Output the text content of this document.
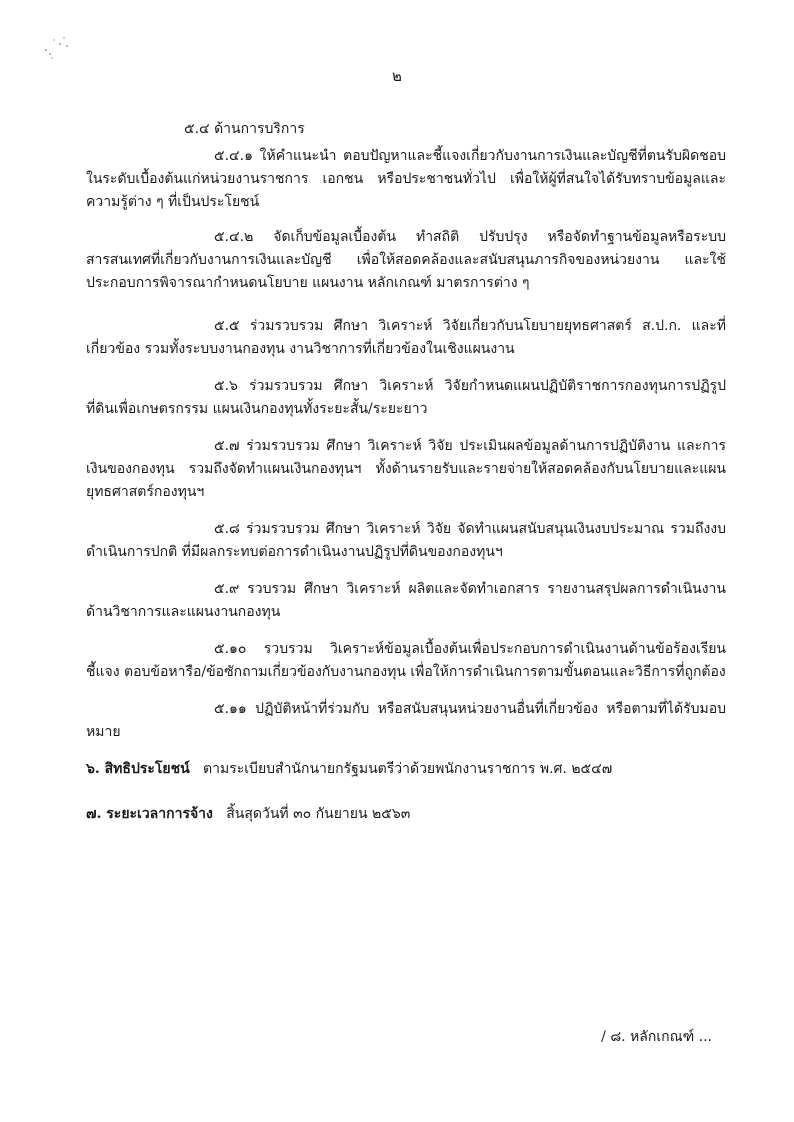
๒

๕.๔ ด้านการบริการ

๕.๔.๑ ให้คำแนะนำ ตอบปัญหาและชี้แจงเกี่ยวกับงานการเงินและบัญชีที่ตนรับผิดชอบในระดับเบื้องต้นแก่หน่วยงานราชการ เอกชน หรือประชาชนทั่วไป เพื่อให้ผู้ที่สนใจได้รับทราบข้อมูลและความรู้ต่าง ๆ ที่เป็นประโยชน์

๕.๔.๒ จัดเก็บข้อมูลเบื้องต้น ทำสถิติ ปรับปรุง หรือจัดทำฐานข้อมูลหรือระบบสารสนเทศที่เกี่ยวกับงานการเงินและบัญชี เพื่อให้สอดคล้องและสนับสนุนภารกิจของหน่วยงาน และใช้ประกอบการพิจารณากำหนดนโยบาย แผนงาน หลักเกณฑ์ มาตรการต่าง ๆ

๕.๕ ร่วมรวบรวม ศึกษา วิเคราะห์ วิจัยเกี่ยวกับนโยบายยุทธศาสตร์ ส.ป.ก. และที่เกี่ยวข้อง รวมทั้งระบบงานกองทุน งานวิชาการที่เกี่ยวข้องในเชิงแผนงาน

๕.๖ ร่วมรวบรวม ศึกษา วิเคราะห์ วิจัยกำหนดแผนปฏิบัติราชการกองทุนการปฏิรูปที่ดินเพื่อเกษตรกรรม แผนเงินกองทุนทั้งระยะสั้น/ระยะยาว

๕.๗ ร่วมรวบรวม ศึกษา วิเคราะห์ วิจัย ประเมินผลข้อมูลด้านการปฏิบัติงาน และการเงินของกองทุน รวมถึงจัดทำแผนเงินกองทุนฯ ทั้งด้านรายรับและรายจ่ายให้สอดคล้องกับนโยบายและแผนยุทธศาสตร์กองทุนฯ

๕.๘ ร่วมรวบรวม ศึกษา วิเคราะห์ วิจัย จัดทำแผนสนับสนุนเงินงบประมาณ รวมถึงงบดำเนินการปกติ ที่มีผลกระทบต่อการดำเนินงานปฏิรูปที่ดินของกองทุนฯ

๕.๙ รวบรวม ศึกษา วิเคราะห์ ผลิตและจัดทำเอกสาร รายงานสรุปผลการดำเนินงานด้านวิชาการและแผนงานกองทุน

๕.๑๐ รวบรวม วิเคราะห์ข้อมูลเบื้องต้นเพื่อประกอบการดำเนินงานด้านข้อร้องเรียน ชี้แจง ตอบข้อหารือ/ข้อซักถามเกี่ยวข้องกับงานกองทุน เพื่อให้การดำเนินการตามขั้นตอนและวิธีการที่ถูกต้อง

๕.๑๑ ปฏิบัติหน้าที่ร่วมกับ หรือสนับสนุนหน่วยงานอื่นที่เกี่ยวข้อง หรือตามที่ได้รับมอบหมาย

๖. สิทธิประโยชน์ ตามระเบียบสำนักนายกรัฐมนตรีว่าด้วยพนักงานราชการ พ.ศ. ๒๕๔๗

๗. ระยะเวลาการจ้าง สิ้นสุดวันที่ ๓๐ กันยายน ๒๕๖๓

/ ๘. หลักเกณฑ์ ...
